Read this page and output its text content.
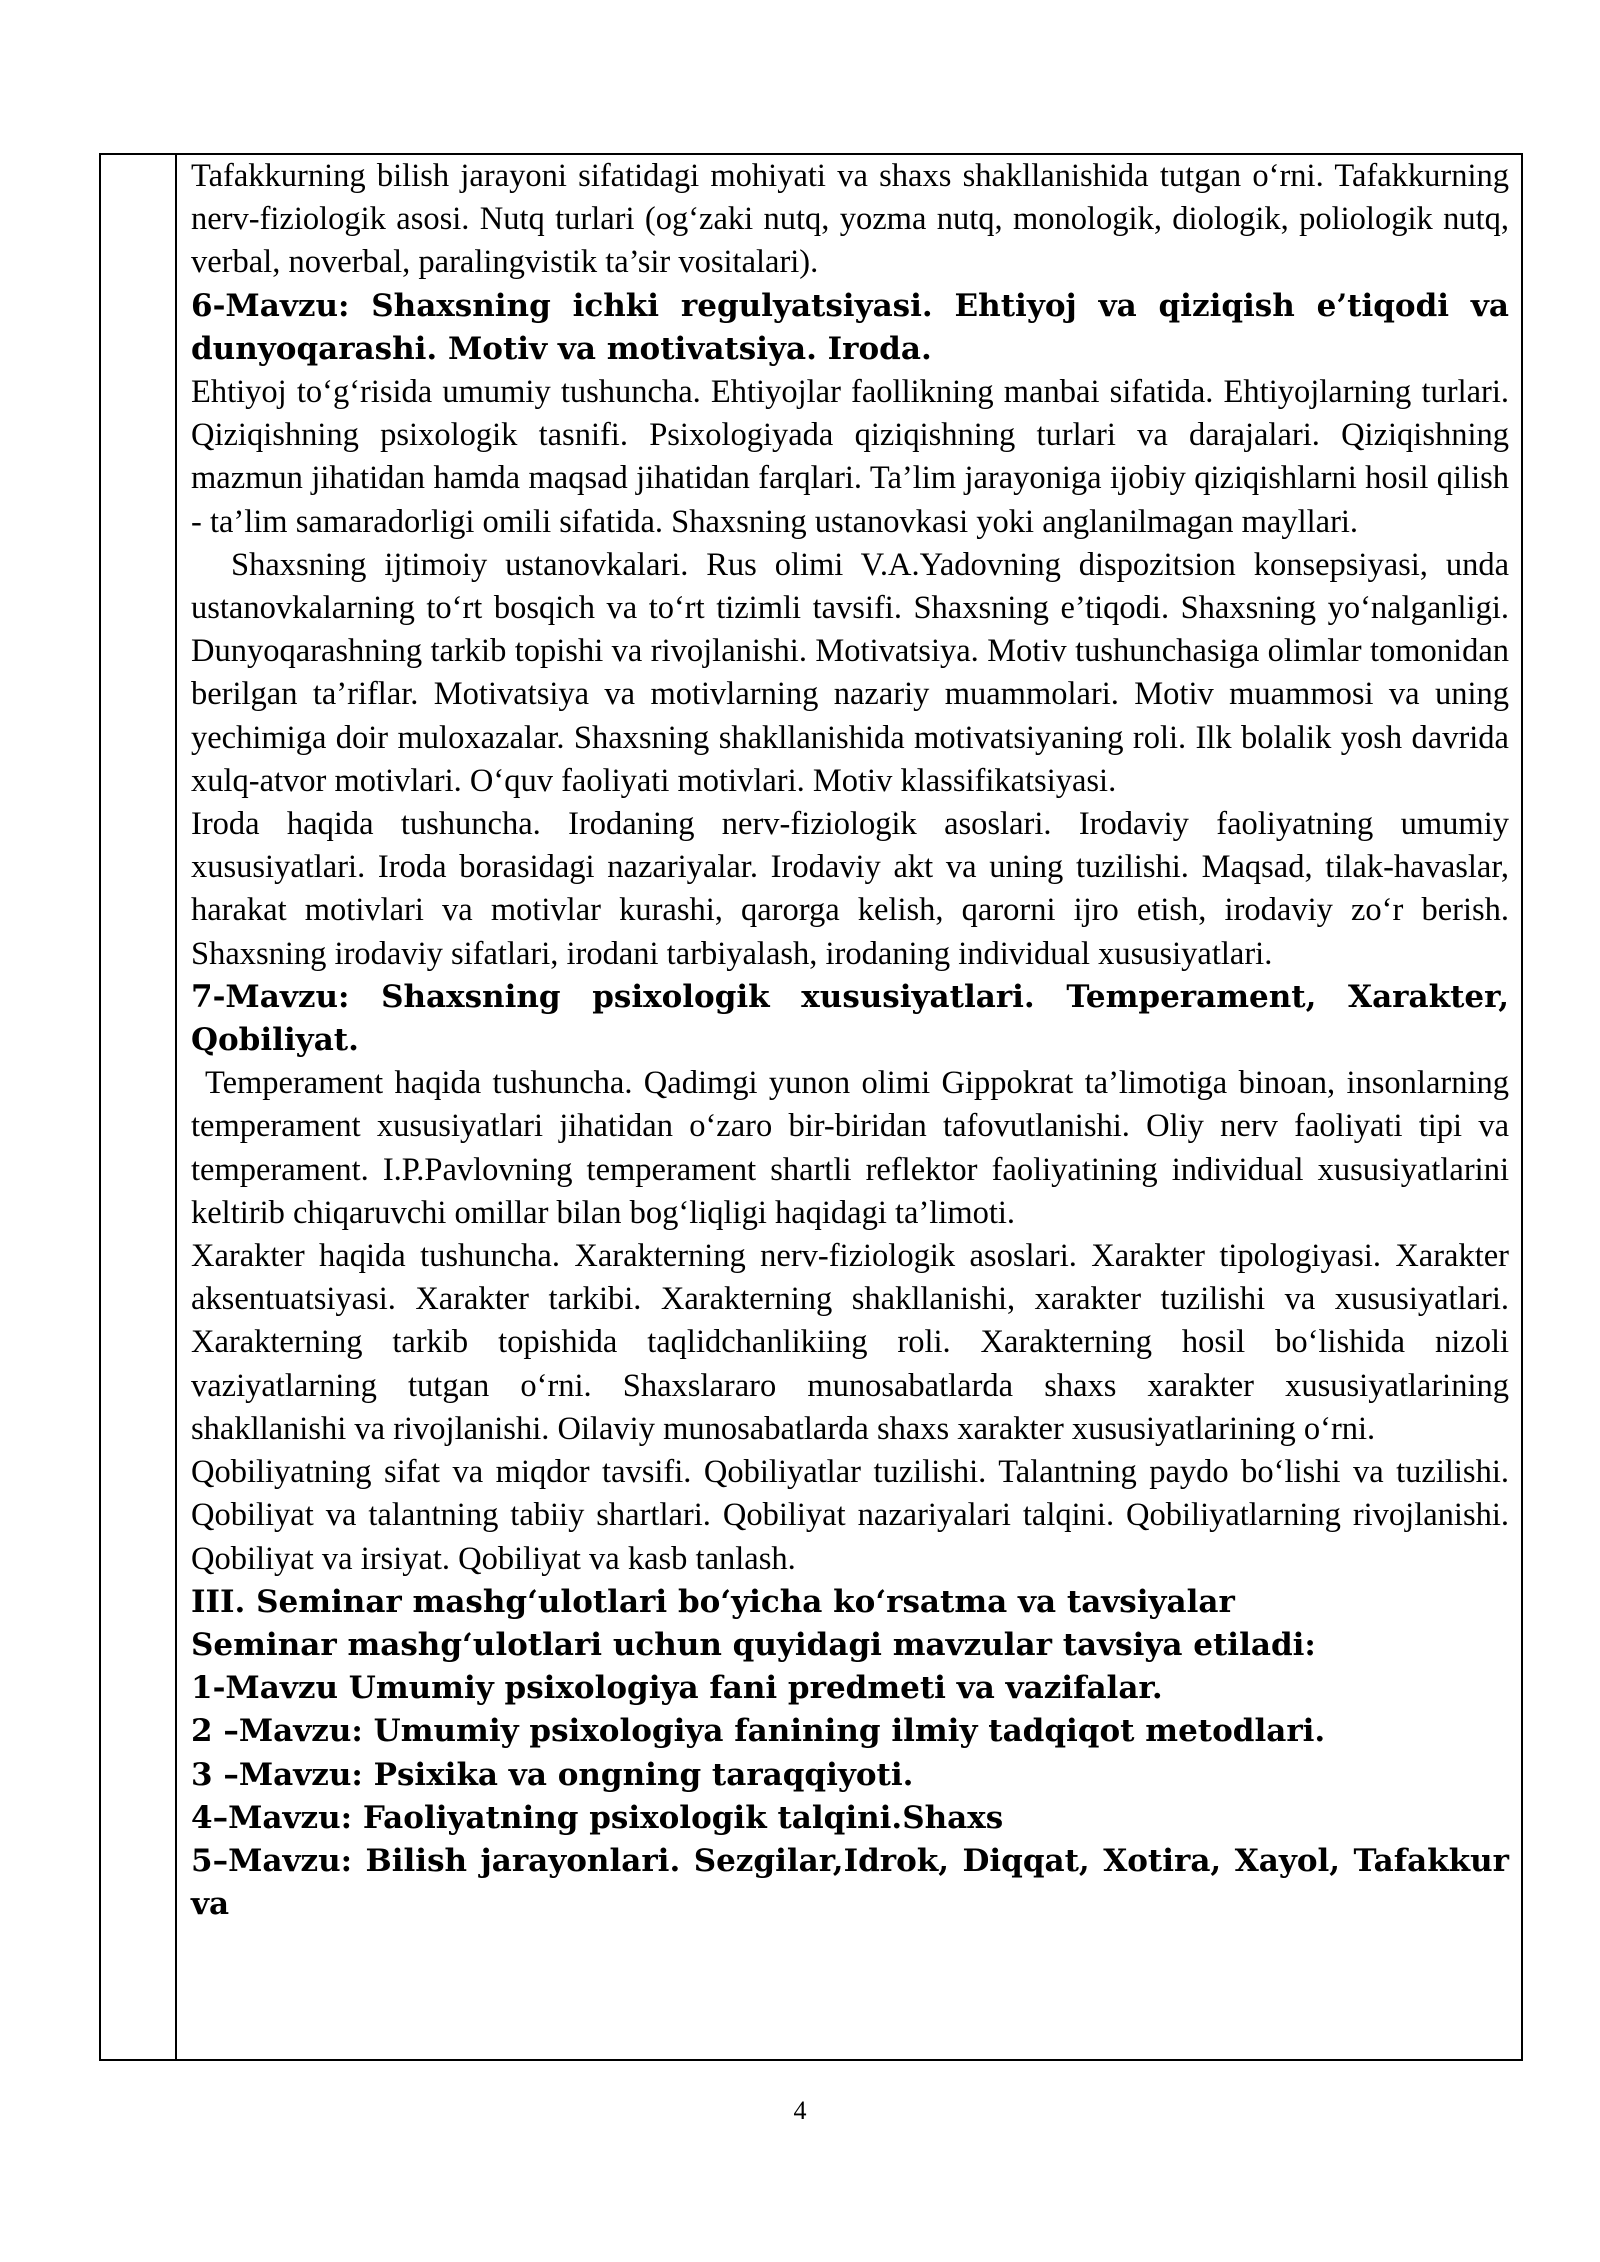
Tafakkurning bilish jarayoni sifatidagi mohiyati va shaxs shakllanishida tutgan o‘rni. Tafakkurning nerv-fiziologik asosi. Nutq turlari (og‘zaki nutq, yozma nutq, monologik, diologik, poliologik nutq, verbal, noverbal, paralingvistik ta’sir vositalari).

6-Mavzu: Shaxsning ichki regulyatsiyasi. Ehtiyoj va qiziqish e’tiqodi va dunyoqarashi. Motiv va motivatsiya. Iroda.

Ehtiyoj to‘g‘risida umumiy tushuncha. Ehtiyojlar faollikning manbai sifatida. Ehtiyojlarning turlari. Qiziqishning psixologik tasnifi. Psixologiyada qiziqishning turlari va darajalari. Qiziqishning mazmun jihatidan hamda maqsad jihatidan farqlari. Ta’lim jarayoniga ijobiy qiziqishlarni hosil qilish - ta’lim samaradorligi omili sifatida. Shaxsning ustanovkasi yoki anglanilmagan mayllari.

Shaxsning ijtimoiy ustanovkalari. Rus olimi V.A.Yadovning dispozitsion konsepsiyasi, unda ustanovkalarning to‘rt bosqich va to‘rt tizimli tavsifi. Shaxsning e’tiqodi. Shaxsning yo‘nalganligi. Dunyoqarashning tarkib topishi va rivojlanishi. Motivatsiya. Motiv tushunchasiga olimlar tomonidan berilgan ta’riflar. Motivatsiya va motivlarning nazariy muammolari. Motiv muammosi va uning yechimiga doir muloxazalar. Shaxsning shakllanishida motivatsiyaning roli. Ilk bolalik yosh davrida xulq-atvor motivlari. O‘quv faoliyati motivlari. Motiv klassifikatsiyasi.

Iroda haqida tushuncha. Irodaning nerv-fiziologik asoslari. Irodaviy faoliyatning umumiy xususiyatlari. Iroda borasidagi nazariyalar. Irodaviy akt va uning tuzilishi. Maqsad, tilak-havaslar, harakat motivlari va motivlar kurashi, qarorga kelish, qarorni ijro etish, irodaviy zo‘r berish. Shaxsning irodaviy sifatlari, irodani tarbiyalash, irodaning individual xususiyatlari.

7-Mavzu: Shaxsning psixologik xususiyatlari. Temperament, Xarakter, Qobiliyat.

Temperament haqida tushuncha. Qadimgi yunon olimi Gippokrat ta’limotiga binoan, insonlarning temperament xususiyatlari jihatidan o‘zaro bir-biridan tafovutlanishi. Oliy nerv faoliyati tipi va temperament. I.P.Pavlovning temperament shartli reflektor faoliyatining individual xususiyatlarini keltirib chiqaruvchi omillar bilan bog‘liqligi haqidagi ta’limoti.

Xarakter haqida tushuncha. Xarakterning nerv-fiziologik asoslari. Xarakter tipologiyasi. Xarakter aksentuatsiyasi. Xarakter tarkibi. Xarakterning shakllanishi, xarakter tuzilishi va xususiyatlari. Xarakterning tarkib topishida taqlidchanlikiing roli. Xarakterning hosil bo‘lishida nizoli vaziyatlarning tutgan o‘rni. Shaxslararo munosabatlarda shaxs xarakter xususiyatlarining shakllanishi va rivojlanishi. Oilaviy munosabatlarda shaxs xarakter xususiyatlarining o‘rni.

Qobiliyatning sifat va miqdor tavsifi. Qobiliyatlar tuzilishi. Talantning paydo bo‘lishi va tuzilishi. Qobiliyat va talantning tabiiy shartlari. Qobiliyat nazariyalari talqini. Qobiliyatlarning rivojlanishi. Qobiliyat va irsiyat. Qobiliyat va kasb tanlash.

III. Seminar mashg‘ulotlari bo‘yicha ko‘rsatma va tavsiyalar

Seminar mashg‘ulotlari uchun quyidagi mavzular tavsiya etiladi:

1-Mavzu Umumiy psixologiya fani predmeti va vazifalar.

2 –Mavzu: Umumiy psixologiya fanining ilmiy tadqiqot metodlari.

3 –Mavzu: Psixika va ongning taraqqiyoti.

4–Mavzu: Faoliyatning psixologik talqini.Shaxs

5–Mavzu: Bilish jarayonlari. Sezgilar,Idrok, Diqqat, Xotira, Xayol, Tafakkur va

4
